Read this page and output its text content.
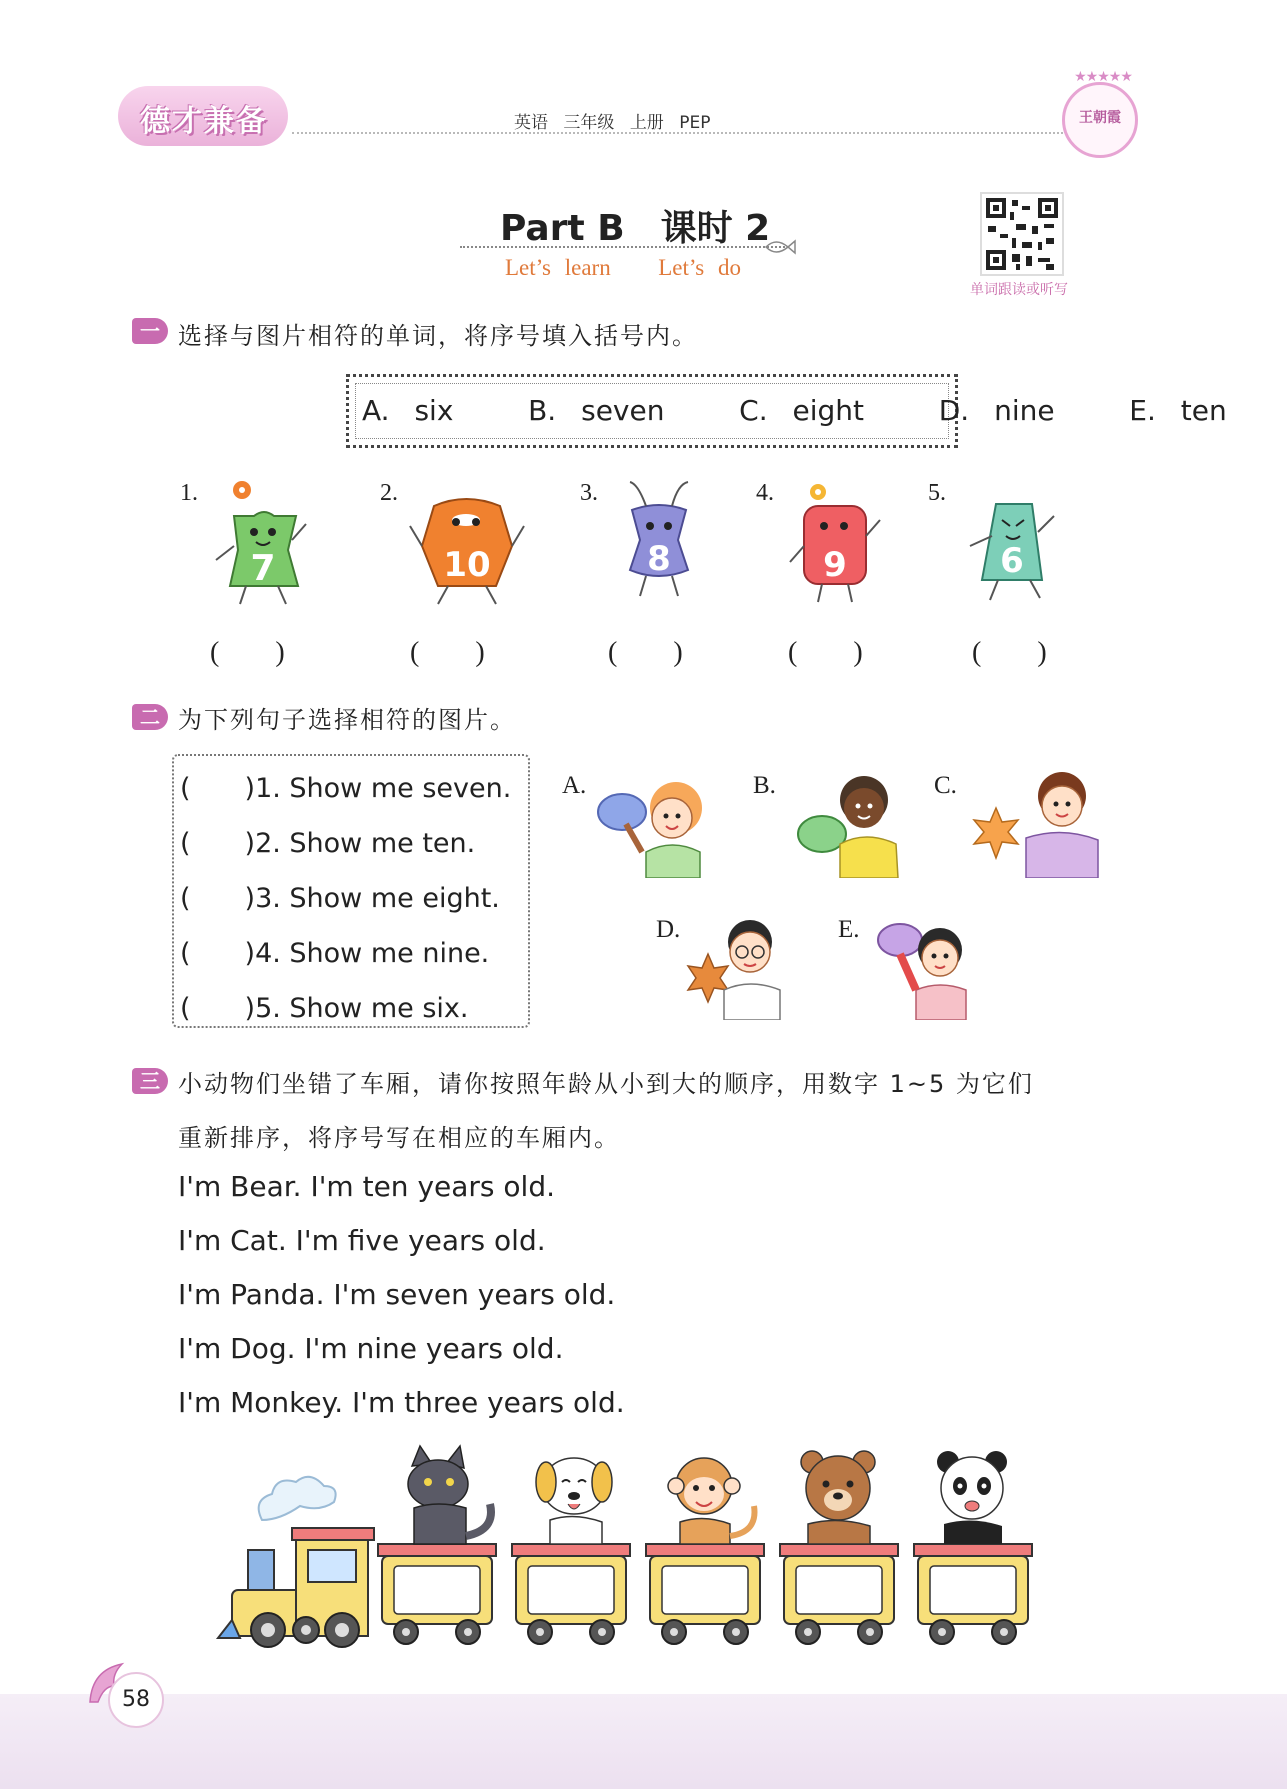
德才兼备	英语 三年级 上册 PEP
★★★★★
王朝霞
Part B　课时 2
Let’s learn Let’s do
单词跟读或听写
一 选择与图片相符的单词，将序号填入括号内。
A. six   B. seven   C. eight   D. nine   E. ten
1.	2.	3.	4.	5.
7	10	8	9	6
(　　)	(　　)	(　　)	(　　)	(　　)
二 为下列句子选择相符的图片。
(　　)1. Show me seven.
(　　)2. Show me ten.
(　　)3. Show me eight.
(　　)4. Show me nine.
(　　)5. Show me six.
A.	B.	C.
D.	E.
三 小动物们坐错了车厢，请你按照年龄从小到大的顺序，用数字 1~5 为它们
重新排序，将序号写在相应的车厢内。
I'm Bear. I'm ten years old.
I'm Cat. I'm five years old.
I'm Panda. I'm seven years old.
I'm Dog. I'm nine years old.
I'm Monkey. I'm three years old.
58
